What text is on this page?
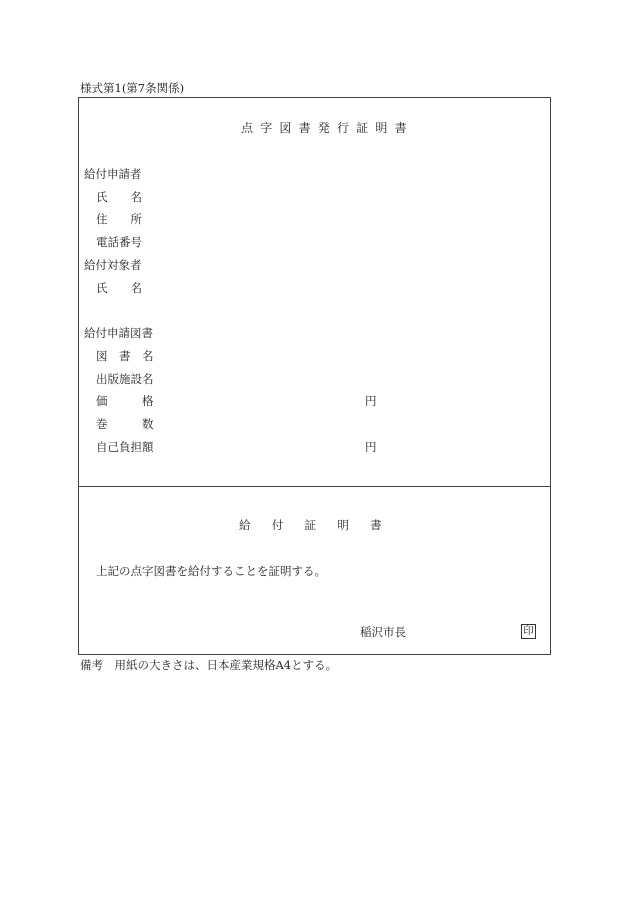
様式第1(第7条関係)
点字図書発行証明書
給付申請者
氏　　名
住　　所
電話番号
給付対象者
氏　　名
給付申請図書
図　書　名
出版施設名
価　　　格	円
巻　　　数
自己負担額	円
給付証明書
上記の点字図書を給付することを証明する。
稲沢市長	印
備考　用紙の大きさは、日本産業規格A4とする。
